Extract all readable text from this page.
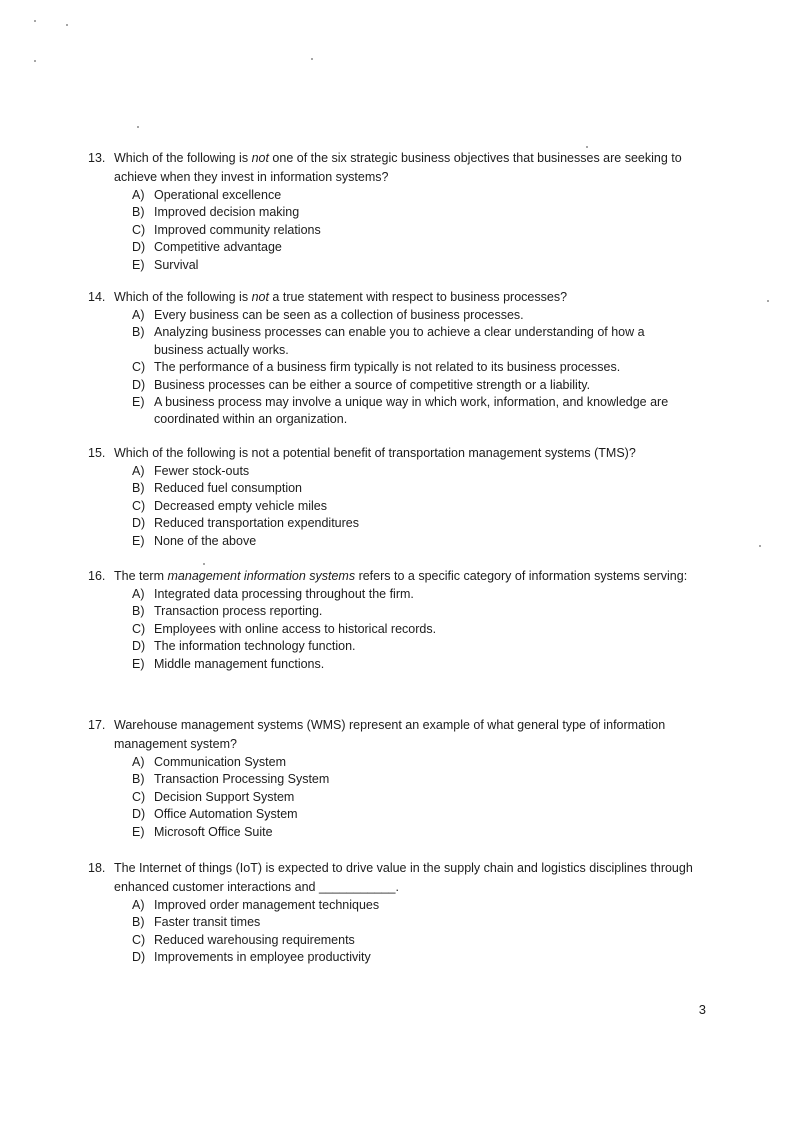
13. Which of the following is not one of the six strategic business objectives that businesses are seeking to achieve when they invest in information systems?
A) Operational excellence
B) Improved decision making
C) Improved community relations
D) Competitive advantage
E) Survival
14. Which of the following is not a true statement with respect to business processes?
A) Every business can be seen as a collection of business processes.
B) Analyzing business processes can enable you to achieve a clear understanding of how a business actually works.
C) The performance of a business firm typically is not related to its business processes.
D) Business processes can be either a source of competitive strength or a liability.
E) A business process may involve a unique way in which work, information, and knowledge are coordinated within an organization.
15. Which of the following is not a potential benefit of transportation management systems (TMS)?
A) Fewer stock-outs
B) Reduced fuel consumption
C) Decreased empty vehicle miles
D) Reduced transportation expenditures
E) None of the above
16. The term management information systems refers to a specific category of information systems serving:
A) Integrated data processing throughout the firm.
B) Transaction process reporting.
C) Employees with online access to historical records.
D) The information technology function.
E) Middle management functions.
17. Warehouse management systems (WMS) represent an example of what general type of information management system?
A) Communication System
B) Transaction Processing System
C) Decision Support System
D) Office Automation System
E) Microsoft Office Suite
18. The Internet of things (IoT) is expected to drive value in the supply chain and logistics disciplines through enhanced customer interactions and ___________.
A) Improved order management techniques
B) Faster transit times
C) Reduced warehousing requirements
D) Improvements in employee productivity
3
